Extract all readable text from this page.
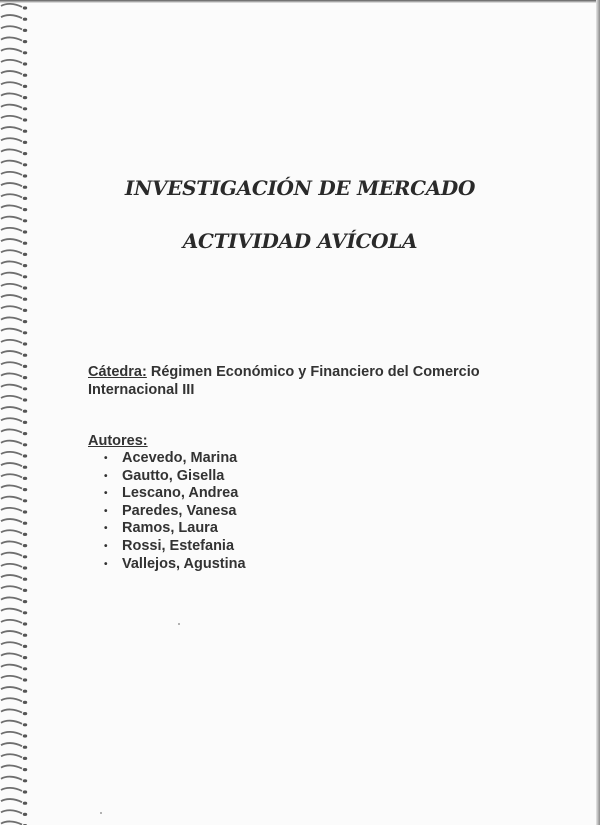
INVESTIGACIÓN DE MERCADO
ACTIVIDAD AVÍCOLA
Cátedra: Régimen Económico y Financiero del Comercio Internacional III
Autores:
• Acevedo, Marina
• Gautto, Gisella
• Lescano, Andrea
• Paredes, Vanesa
• Ramos, Laura
• Rossi, Estefania
• Vallejos, Agustina
